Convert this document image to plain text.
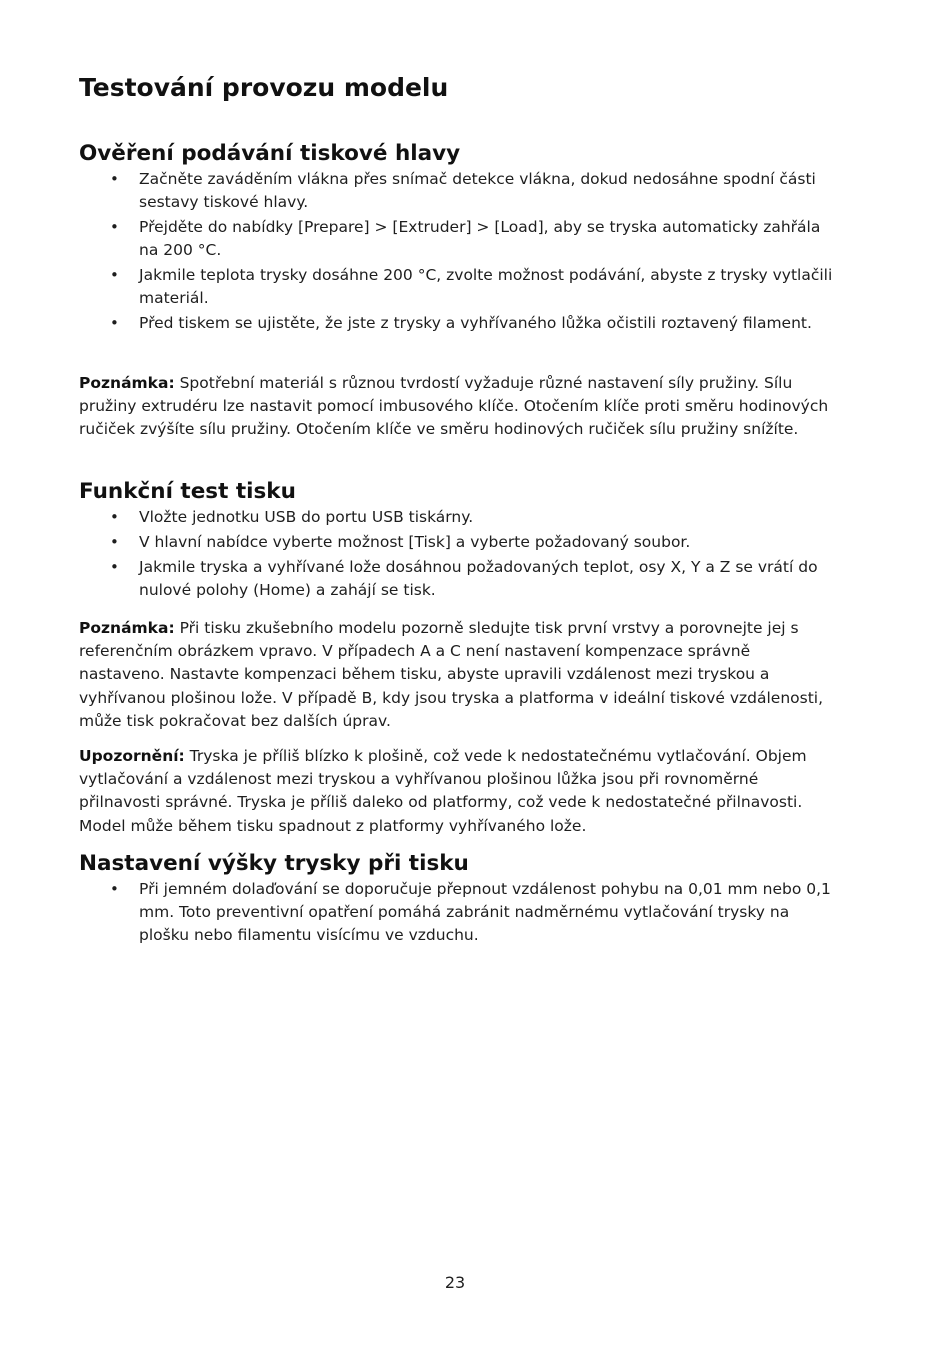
Testování provozu modelu
Ověření podávání tiskové hlavy
• Začněte zaváděním vlákna přes snímač detekce vlákna, dokud nedosáhne spodní části sestavy tiskové hlavy.
• Přejděte do nabídky [Prepare] > [Extruder] > [Load], aby se tryska automaticky zahřála na 200 °C.
• Jakmile teplota trysky dosáhne 200 °C, zvolte možnost podávání, abyste z trysky vytlačili materiál.
• Před tiskem se ujistěte, že jste z trysky a vyhřívaného lůžka očistili roztavený filament.

Poznámka: Spotřební materiál s různou tvrdostí vyžaduje různé nastavení síly pružiny. Sílu pružiny extrudéru lze nastavit pomocí imbusového klíče. Otočením klíče proti směru hodinových ručiček zvýšíte sílu pružiny. Otočením klíče ve směru hodinových ručiček sílu pružiny snížíte.

Funkční test tisku
• Vložte jednotku USB do portu USB tiskárny.
• V hlavní nabídce vyberte možnost [Tisk] a vyberte požadovaný soubor.
• Jakmile tryska a vyhřívané lože dosáhnou požadovaných teplot, osy X, Y a Z se vrátí do nulové polohy (Home) a zahájí se tisk.

Poznámka: Při tisku zkušebního modelu pozorně sledujte tisk první vrstvy a porovnejte jej s referenčním obrázkem vpravo. V případech A a C není nastavení kompenzace správně nastaveno. Nastavte kompenzaci během tisku, abyste upravili vzdálenost mezi tryskou a vyhřívanou plošinou lože. V případě B, kdy jsou tryska a platforma v ideální tiskové vzdálenosti, může tisk pokračovat bez dalších úprav.

Upozornění: Tryska je příliš blízko k plošině, což vede k nedostatečnému vytlačování. Objem vytlačování a vzdálenost mezi tryskou a vyhřívanou plošinou lůžka jsou při rovnoměrné přilnavosti správné. Tryska je příliš daleko od platformy, což vede k nedostatečné přilnavosti. Model může během tisku spadnout z platformy vyhřívaného lože.

Nastavení výšky trysky při tisku
• Při jemném dolaďování se doporučuje přepnout vzdálenost pohybu na 0,01 mm nebo 0,1 mm. Toto preventivní opatření pomáhá zabránit nadměrnému vytlačování trysky na plošku nebo filamentu visícímu ve vzduchu.
23
